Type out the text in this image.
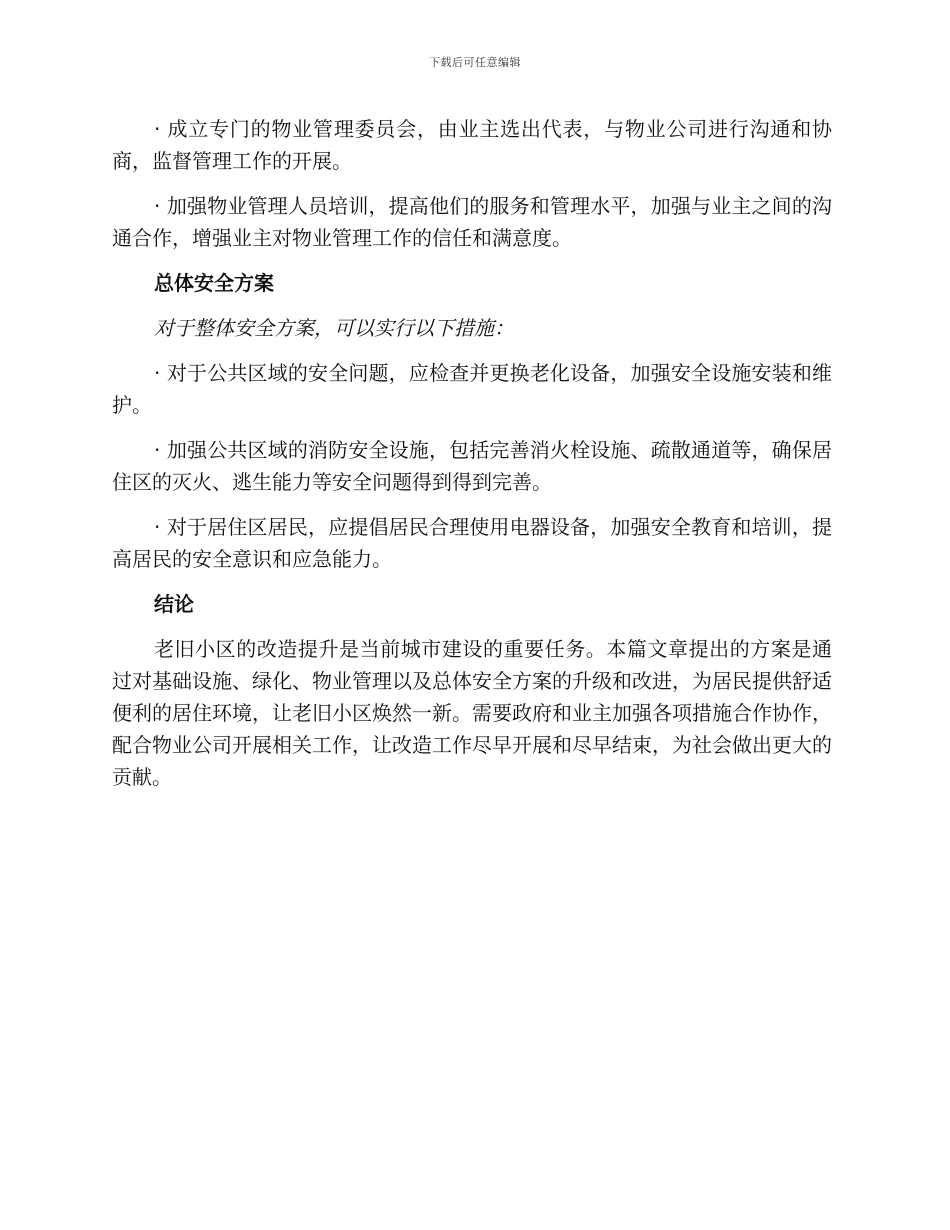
下载后可任意编辑

· 成立专门的物业管理委员会，由业主选出代表，与物业公司进行沟通和协商，监督管理工作的开展。

· 加强物业管理人员培训，提高他们的服务和管理水平，加强与业主之间的沟通合作，增强业主对物业管理工作的信任和满意度。

总体安全方案

对于整体安全方案，可以实行以下措施：

· 对于公共区域的安全问题，应检查并更换老化设备，加强安全设施安装和维护。

· 加强公共区域的消防安全设施，包括完善消火栓设施、疏散通道等，确保居住区的灭火、逃生能力等安全问题得到得到完善。

· 对于居住区居民，应提倡居民合理使用电器设备，加强安全教育和培训，提高居民的安全意识和应急能力。

结论

老旧小区的改造提升是当前城市建设的重要任务。本篇文章提出的方案是通过对基础设施、绿化、物业管理以及总体安全方案的升级和改进，为居民提供舒适便利的居住环境，让老旧小区焕然一新。需要政府和业主加强各项措施合作协作，配合物业公司开展相关工作，让改造工作尽早开展和尽早结束，为社会做出更大的贡献。
